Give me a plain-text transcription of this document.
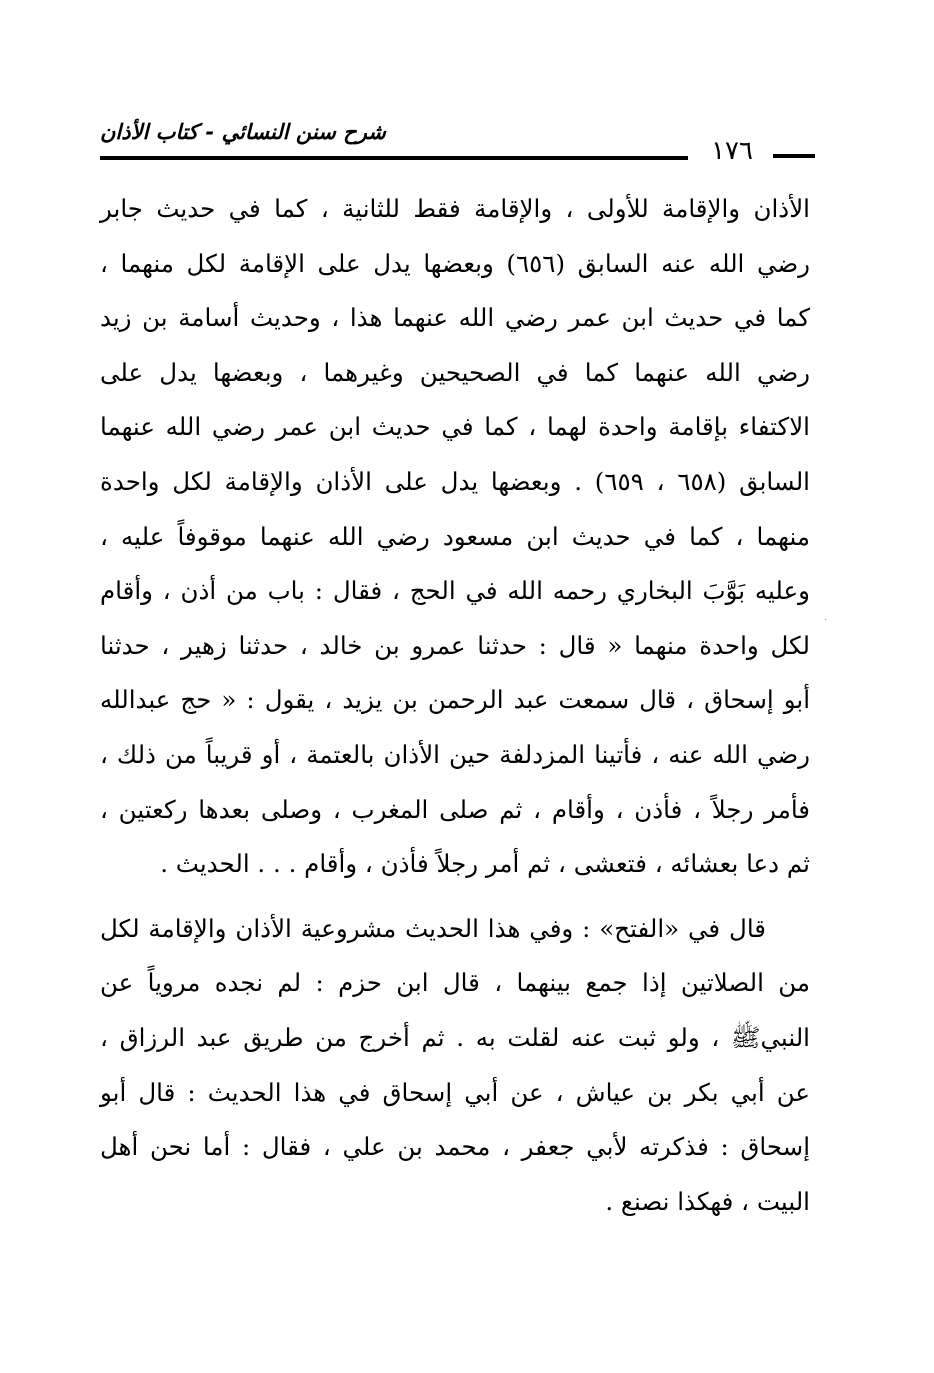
شرح سنن النسائي - كتاب الأذان
١٧٦
الأذان والإقامة للأولى ، والإقامة فقط للثانية ، كما في حديث جابر
رضي الله عنه السابق (٦٥٦) وبعضها يدل على الإقامة لكل منهما ،
كما في حديث ابن عمر رضي الله عنهما هذا ، وحديث أسامة بن زيد
رضي الله عنهما كما في الصحيحين وغيرهما ، وبعضها يدل على
الاكتفاء بإقامة واحدة لهما ، كما في حديث ابن عمر رضي الله عنهما
السابق (٦٥٨ ، ٦٥٩) . وبعضها يدل على الأذان والإقامة لكل واحدة
منهما ، كما في حديث ابن مسعود رضي الله عنهما موقوفاً عليه ،
وعليه بَوَّبَ البخاري رحمه الله في الحج ، فقال : باب من أذن ، وأقام
لكل واحدة منهما « قال : حدثنا عمرو بن خالد ، حدثنا زهير ، حدثنا
أبو إسحاق ، قال سمعت عبد الرحمن بن يزيد ، يقول : « حج عبدالله
رضي الله عنه ، فأتينا المزدلفة حين الأذان بالعتمة ، أو قريباً من ذلك ،
فأمر رجلاً ، فأذن ، وأقام ، ثم صلى المغرب ، وصلى بعدها ركعتين ،
ثم دعا بعشائه ، فتعشى ، ثم أمر رجلاً فأذن ، وأقام . . . الحديث .
قال في «الفتح» : وفي هذا الحديث مشروعية الأذان والإقامة لكل
من الصلاتين إذا جمع بينهما ، قال ابن حزم : لم نجده مروياً عن
النبيﷺ ، ولو ثبت عنه لقلت به . ثم أخرج من طريق عبد الرزاق ،
عن أبي بكر بن عياش ، عن أبي إسحاق في هذا الحديث : قال أبو
إسحاق : فذكرته لأبي جعفر ، محمد بن علي ، فقال : أما نحن أهل
البيت ، فهكذا نصنع .
·
